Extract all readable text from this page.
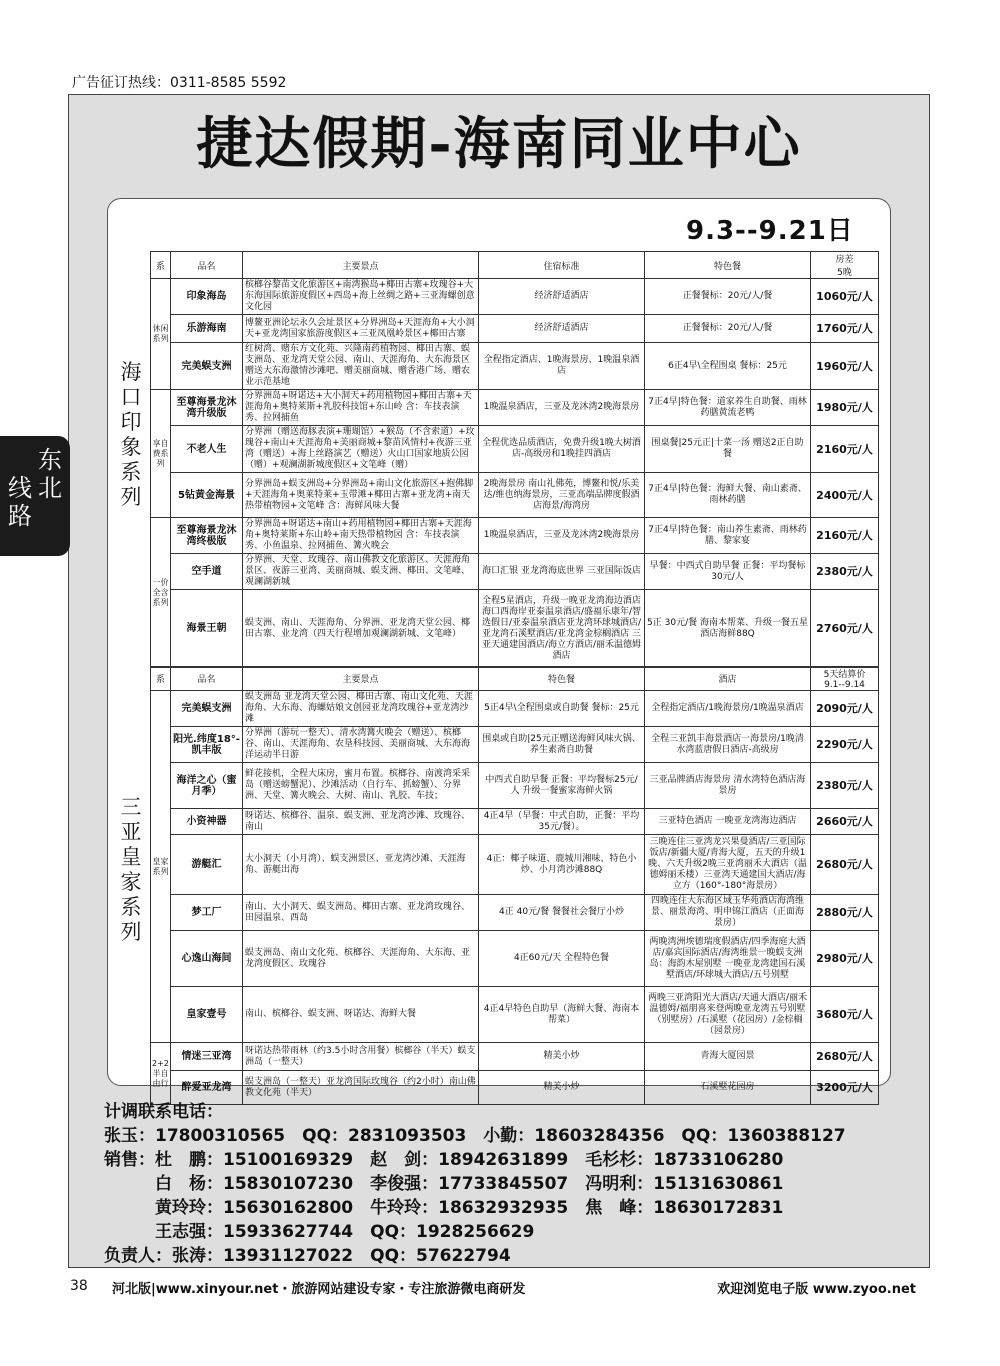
广告征订热线：0311-8585 5592
捷达假期-海南同业中心
东北
线路
9.3--9.21日
海口印象系列
三亚皇家系列
系	品名	主要景点	住宿标准	特色餐	房差
5晚
休闲系列	印象海岛	槟榔谷黎苗文化旅游区+南湾猴岛+椰田古寨+玫瑰谷+大东海国际旅游度假区+西岛+海上丝绸之路+三亚海螺创意文化园	经济舒适酒店	正餐餐标：20元/人/餐	1060元/人
	乐游海南	博鳌亚洲论坛永久会址景区+分界洲岛+天涯海角+大小洞天+亚龙湾国家旅游度假区+三亚凤凰岭景区+椰田古寨	经济舒适酒店	正餐餐标：20元/人/餐	1760元/人
	完美蜈支洲	红树湾、赌东方文化苑、兴隆南药植物园、椰田古寨、蜈支洲岛、亚龙湾天堂公园、南山、天涯海角、大东海景区赠送大东海激情沙滩吧、赠美丽商城、赠香港广场、赠农业示范基地	全程指定酒店、1晚海景房、1晚温泉酒店	6正4早\全程围桌 餐标：25元	1960元/人
享自费系列	至尊海景龙沐湾升级版	分界洲岛+呀诺达+大小洞天+药用植物园+椰田古寨+天涯海角+奥特莱斯+乳胶科技馆+东山岭 含：车技表演秀、拉网捕鱼	1晚温泉酒店，三亚及龙沐湾2晚海景房	7正4早|特色餐：道家养生自助餐、雨林药膳黄流老鸭	1980元/人
	不老人生	分界洲（赠送海豚表演+珊瑚馆）+猴岛（不含索道）+玫瑰谷+南山+天涯海角+美丽商城+黎苗风情村+夜游三亚湾（赠送）+海上丝路演艺（赠送）火山口国家地质公园（赠）+观澜湖新城度假区+文笔峰（赠）	全程优选品质酒店，免费升级1晚大树酒店-高级房和1晚挂四酒店	围桌餐|25元正|十菜一汤 赠送2正自助餐	2160元/人
	5钻黄金海景	分界洲岛+蜈支洲岛+分界洲岛+南山文化旅游区+抱佛脚+天涯海角+奥莱特莱+玉带滩+椰田古寨+亚龙湾+南天热带植物园+文笔峰 含：海鲜风味大餐	2晚海景房 南山礼佛苑，博鳌和悦/乐美达/维也纳海景房，三亚高端品牌度假酒店海景/海湾房	7正4早|特色餐：海鲜大餐、南山素斋、雨林药膳	2400元/人
一价全含系列	至尊海景龙沐湾终极版	分界洲岛+呀诺达+南山+药用植物园+椰田古寨+天涯海角+奥特莱斯+东山岭+南天热带植物园 含：车技表演秀、小鱼温泉、拉网捕鱼、篝火晚会	1晚温泉酒店，三亚及龙沐湾2晚海景房	7正4早|特色餐：南山养生素斋、雨林药膳、黎家宴	2160元/人
	空手道	分界洲、天堂、玫瑰谷、南山佛教文化旅游区、天涯海角景区、夜游三亚湾、美丽商城、蜈支洲、椰田、文笔峰、观澜湖新城	海口汇银 亚龙湾海底世界 三亚国际饭店	早餐：中西式自助早餐 正餐：平均餐标30元/人	2380元/人
	海景王朝	蜈支洲、南山、天涯海角、分界洲、亚龙湾天堂公园、椰田古寨、业龙湾（四天行程增加观澜湖新城、文笔峰）	全程5星酒店，升级一晚亚龙湾海边酒店 海口西海岸亚泰温泉酒店/盛福乐康年/智选假日/亚泰温泉酒店亚龙湾环球城酒店/亚龙湾石溪墅酒店/亚龙湾金棕榈酒店 三亚天通建国酒店/海立方酒店/丽禾温德姆酒店	5正 30元/餐 海南本帮菜、升级一餐五星酒店海鲜88Q	2760元/人
系	品名	主要景点	特色餐	酒店	5天结算价
9.1--9.14
皇家系列	完美蜈支洲	蜈支洲岛 亚龙湾天堂公园、椰田古寨、南山文化苑、天涯海角、大东海、海螺姑娘文创园亚龙湾玫瑰谷+亚龙湾沙滩	5正4早\全程围桌或自助餐 餐标：25元	全程指定酒店/1晚海景房/1晚温泉酒店	2090元/人
	阳光.纬度18°-凯丰版	分界洲（游玩一整天）、清水湾篝火晚会（赠送）、槟榔谷、南山、天涯海角、农垦科技园、美丽商城、大东海海洋运动半日游	围桌或自助|25元正赠送海鲜风味火锅、养生素斋自助餐	全程三亚凯丰海景酒店一海景房/1晚清水湾蓝唐假日酒店-高级房	2290元/人
	海洋之心（蜜月季）	鲜花接机，全程大床房，蜜月布置。槟榔谷、南渡湾采采岛（赠送螃蟹泥）、沙滩活动（自行车、抓螃蟹）、分界洲、天堂、篝火晚会、大树、南山、乳胶、车技；	中西式自助早餐 正餐：平均餐标25元/人 升级一餐蜜家海鲜火锅	三亚品牌酒店海景房 清水湾特色酒店海景房	2380元/人
	小资神器	呀诺达、槟榔谷、温泉、蜈支洲、亚龙湾沙滩、玫瑰谷、南山	4正4早（早餐：中式自助，正餐：平均35元/餐）。	三亚特色酒店 一晚亚龙湾海边酒店	2660元/人
	游艇汇	大小洞天（小月湾）、蜈支洲景区、亚龙湾沙滩、天涯海角、游艇出海	4正：椰子味道、鹿城川湘味、特色小炒、小月湾沙滩88Q	三晚连住三亚湾龙兴果曼酒店/三亚国际饭店/新疆大厦/青海大厦，五天的升级1晚、六天升级2晚三亚湾丽禾大酒店（温德姆丽禾楼）三亚湾天通建国大酒店/海立方（160°-180°海景房）	2680元/人
	梦工厂	南山、大小洞天、蜈支洲岛、椰田古寨、亚龙湾玫瑰谷、田园温泉、西岛	4正 40元/餐 餐餐社会餐厅小炒	四晚连住大东海区域玉华苑酒店海湾维景、丽景海湾、明申锦江酒店（正面海景房）	2880元/人
	心逸山海间	蜈支洲岛、南山文化苑、槟榔谷、天涯海角、大东海、亚龙湾度假区、玫瑰谷	4正60元/天 全程特色餐	两晚湾洲埃德瑞度假酒店/四季海庭大酒店/嘉宾国际酒店/海湾维景一晚蜈支洲岛：海韵木屋别墅 一晚亚龙湾建国石溪墅酒店/环球城大酒店/五号别墅	2980元/人
	皇家壹号	南山、槟榔谷、蜈支洲、呀诺达、海鲜大餐	4正4早特色自助早（海鲜大餐、海南本帮菜）	两晚三亚湾阳光大酒店/天通大酒店/丽禾温德姆/福朋喜来登两晚亚龙湾五号别墅（别墅房）/石溪墅（花园房）/金棕榈（园景房）	3680元/人
2+2半自由行	情迷三亚湾	呀诺达热带雨林（约3.5小时含用餐）槟榔谷（半天）蜈支洲岛（一整天）	精美小炒	青海大厦园景	2680元/人
	醉爱亚龙湾	蜈支洲岛（一整天）亚龙湾国际玫瑰谷（约2小时）南山佛教文化苑（半天）	精美小炒	石溪墅花园房	3200元/人
计调联系电话：
张玉：17800310565　QQ：2831093503　小勤：18603284356　QQ：1360388127
销售：杜　鹏：15100169329　赵　剑：18942631899　毛杉杉：18733106280
　　　白　杨：15830107230　李俊强：17733845507　冯明利：15131630861
　　　黄玲玲：15630162800　牛玲玲：18632932935　焦　峰：18630172831
　　　王志强：15933627744　QQ：1928256629
负责人：张涛：13931127022　QQ：57622794
38 河北版|www.xinyour.net・旅游网站建设专家・专注旅游微电商研发	欢迎浏览电子版 www.zyoo.net
